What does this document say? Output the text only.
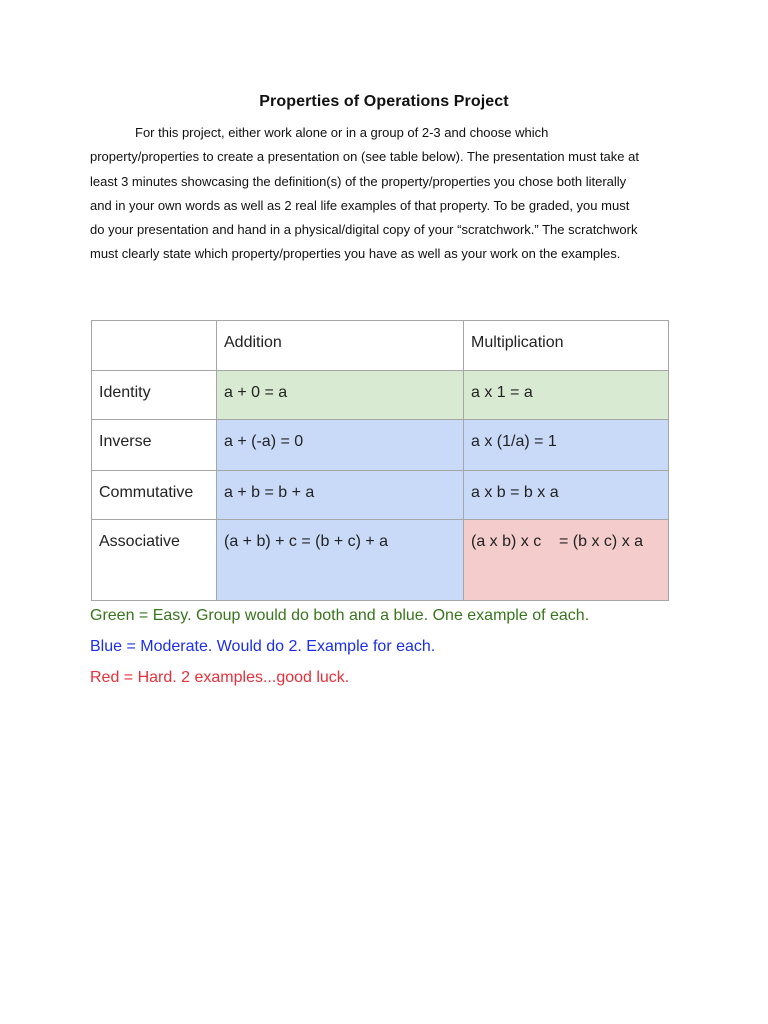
Properties of Operations Project

For this project, either work alone or in a group of 2-3 and choose which
property/properties to create a presentation on (see table below). The presentation must take at
least 3 minutes showcasing the definition(s) of the property/properties you chose both literally
and in your own words as well as 2 real life examples of that property. To be graded, you must
do your presentation and hand in a physical/digital copy of your “scratchwork.” The scratchwork
must clearly state which property/properties you have as well as your work on the examples.

	Addition	Multiplication
Identity	a + 0 = a	a x 1 = a
Inverse	a + (-a) = 0	a x (1/a) = 1
Commutative	a + b = b + a	a x b = b x a
Associative	(a + b) + c = (b + c) + a	(a x b) x c    = (b x c) x a
Green = Easy. Group would do both and a blue. One example of each.
Blue = Moderate. Would do 2. Example for each.
Red = Hard. 2 examples...good luck.
